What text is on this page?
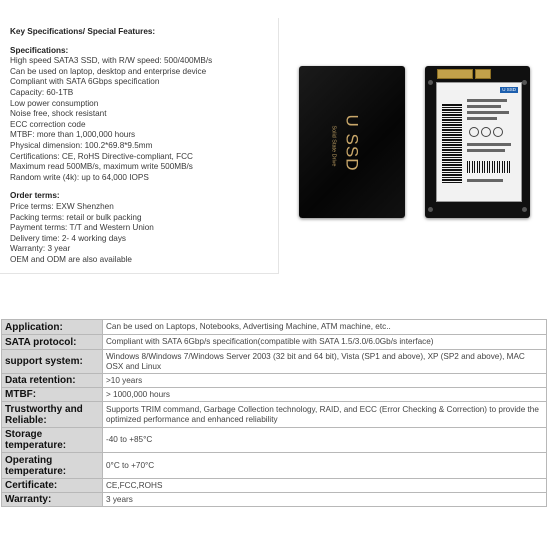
Key Specifications/ Special Features:
Specifications:
High speed SATA3 SSD, with R/W speed: 500/400MB/s
Can be used on laptop, desktop and enterprise device
Compliant with SATA 6Gbps specification
Capacity: 60-1TB
Low power consumption
Noise free, shock resistant
ECC correction code
MTBF: more than 1,000,000 hours
Physical dimension: 100.2*69.8*9.5mm
Certifications: CE, RoHS Directive-compliant, FCC
Maximum read 500MB/s, maximum write 500MB/s
Random write (4k): up to 64,000 IOPS
Order terms:
Price terms: EXW Shenzhen
Packing terms: retail or bulk packing
Payment terms: T/T and Western Union
Delivery time: 2- 4 working days
Warranty: 3 year
OEM and ODM are also available
Solid State Drive U SSD
U SSD
Application:	Can be used on Laptops, Notebooks, Advertising Machine, ATM machine, etc..
SATA protocol:	Compliant with SATA 6Gbp/s specification(compatible with SATA 1.5/3.0/6.0Gb/s interface)
support system:	Windows 8/Windows 7/Windows Server 2003 (32 bit and 64 bit), Vista (SP1 and above), XP (SP2 and above), MAC OSX and Linux
Data retention:	>10 years
MTBF:	> 1000,000 hours
Trustworthy and Reliable:	Supports TRIM command, Garbage Collection technology, RAID, and ECC (Error Checking & Correction) to provide the optimized performance and enhanced reliability
Storage temperature:	-40 to +85°C
Operating temperature:	0°C to +70°C
Certificate:	CE,FCC,ROHS
Warranty:	3 years
